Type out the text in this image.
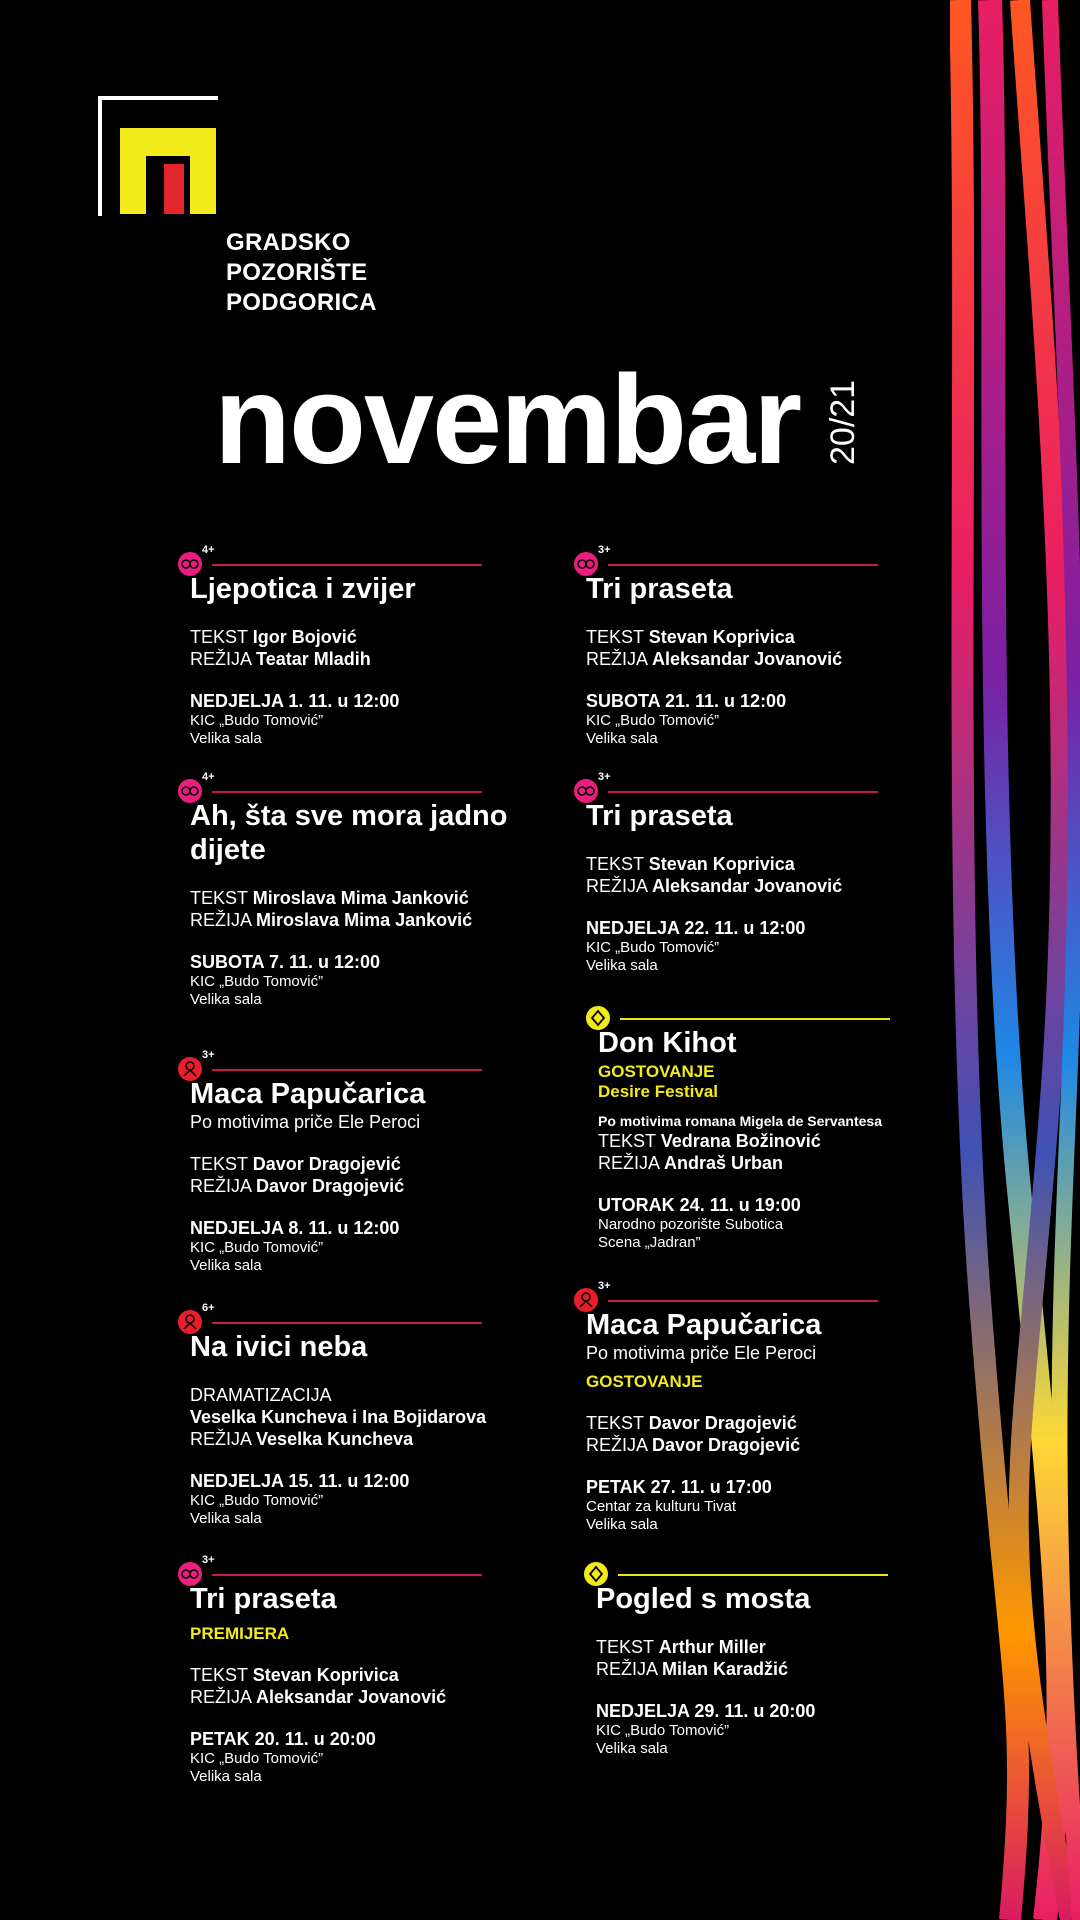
GRADSKO
POZORIŠTE
PODGORICA
novembar 20/21
4+
Ljepotica i zvijer
TEKST Igor Bojović
REŽIJA Teatar Mladih
NEDJELJA 1. 11. u 12:00
KIC „Budo Tomović”
Velika sala
4+
Ah, šta sve mora jadno dijete
TEKST Miroslava Mima Janković
REŽIJA Miroslava Mima Janković
SUBOTA 7. 11. u 12:00
KIC „Budo Tomović”
Velika sala
3+
Maca Papučarica
Po motivima priče Ele Peroci
TEKST Davor Dragojević
REŽIJA Davor Dragojević
NEDJELJA 8. 11. u 12:00
KIC „Budo Tomović”
Velika sala
6+
Na ivici neba
DRAMATIZACIJA
Veselka Kuncheva i Ina Bojidarova
REŽIJA Veselka Kuncheva
NEDJELJA 15. 11. u 12:00
KIC „Budo Tomović”
Velika sala
3+
Tri praseta
PREMIJERA
TEKST Stevan Koprivica
REŽIJA Aleksandar Jovanović
PETAK 20. 11. u 20:00
KIC „Budo Tomović”
Velika sala
3+
Tri praseta
TEKST Stevan Koprivica
REŽIJA Aleksandar Jovanović
SUBOTA 21. 11. u 12:00
KIC „Budo Tomović”
Velika sala
3+
Tri praseta
TEKST Stevan Koprivica
REŽIJA Aleksandar Jovanović
NEDJELJA 22. 11. u 12:00
KIC „Budo Tomović”
Velika sala
Don Kihot
GOSTOVANJE
Desire Festival
Po motivima romana Migela de Servantesa
TEKST Vedrana Božinović
REŽIJA Andraš Urban
UTORAK 24. 11. u 19:00
Narodno pozorište Subotica
Scena „Jadran”
3+
Maca Papučarica
Po motivima priče Ele Peroci
GOSTOVANJE
TEKST Davor Dragojević
REŽIJA Davor Dragojević
PETAK 27. 11. u 17:00
Centar za kulturu Tivat
Velika sala
Pogled s mosta
TEKST Arthur Miller
REŽIJA Milan Karadžić
NEDJELJA 29. 11. u 20:00
KIC „Budo Tomović”
Velika sala
